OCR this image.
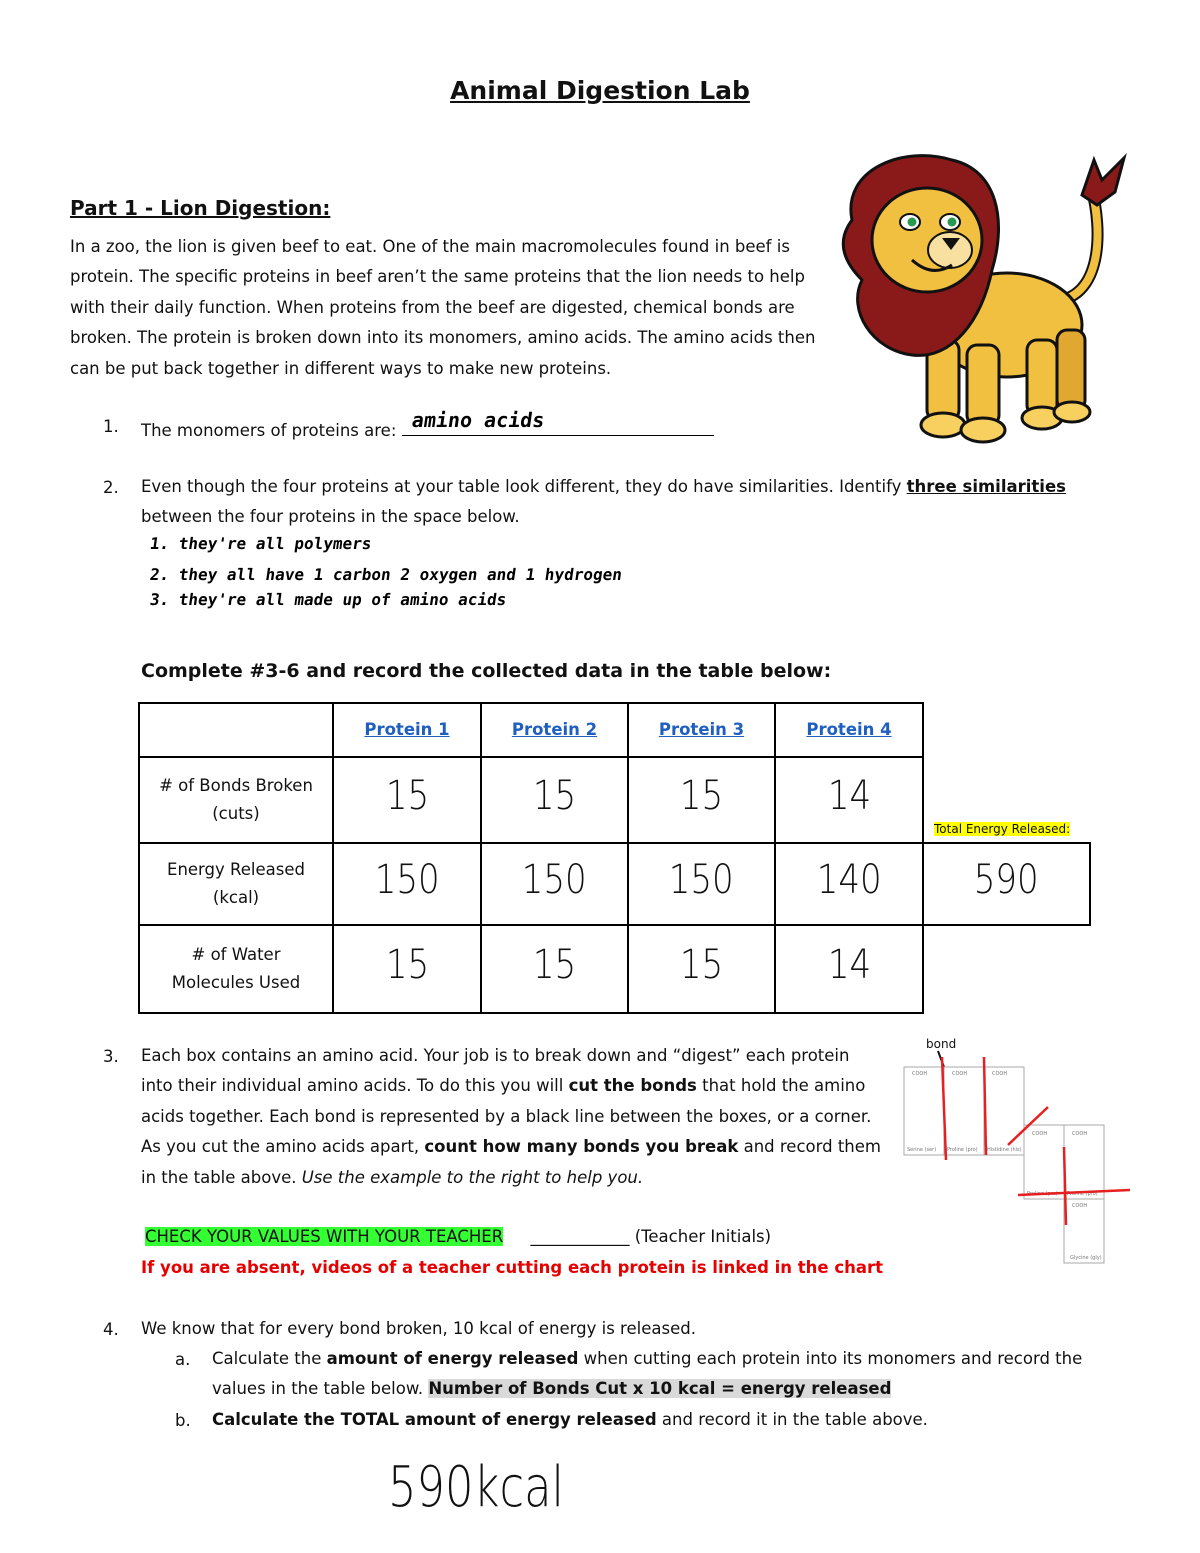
Animal Digestion Lab
Part 1 - Lion Digestion:
In a zoo, the lion is given beef to eat. One of the main macromolecules found in beef is protein. The specific proteins in beef aren’t the same proteins that the lion needs to help with their daily function. When proteins from the beef are digested, chemical bonds are broken. The protein is broken down into its monomers, amino acids. The amino acids then can be put back together in different ways to make new proteins.
1. The monomers of proteins are: amino acids
2. Even though the four proteins at your table look different, they do have similarities. Identify three similarities
between the four proteins in the space below.
1. they're all polymers
2. they all have 1 carbon 2 oxygen and 1 hydrogen
3. they're all made up of amino acids
Complete #3-6 and record the collected data in the table below:
	Protein 1	Protein 2	Protein 3	Protein 4	
# of Bonds Broken
(cuts)	15	15	15	14	Total Energy Released:
Energy Released
(kcal)	150	150	150	140	590
# of Water
Molecules Used	15	15	15	14	
3. Each box contains an amino acid. Your job is to break down and “digest” each protein into their individual amino acids. To do this you will cut the bonds that hold the amino acids together. Each bond is represented by a black line between the boxes, or a corner. As you cut the amino acids apart, count how many bonds you break and record them in the table above. Use the example to the right to help you.
bond
COOH	COOH	COOH
COOH	COOH
COOH
Serine (ser) Proline (pro) Histidine (his)
Proline (pro) Proline (pro)
Glycine (gly)
CHECK YOUR VALUES WITH YOUR TEACHER ____________ (Teacher Initials)
If you are absent, videos of a teacher cutting each protein is linked in the chart
4. We know that for every bond broken, 10 kcal of energy is released.
a. Calculate the amount of energy released when cutting each protein into its monomers and record the values in the table below. Number of Bonds Cut x 10 kcal = energy released
b. Calculate the TOTAL amount of energy released and record it in the table above.
590kcal
